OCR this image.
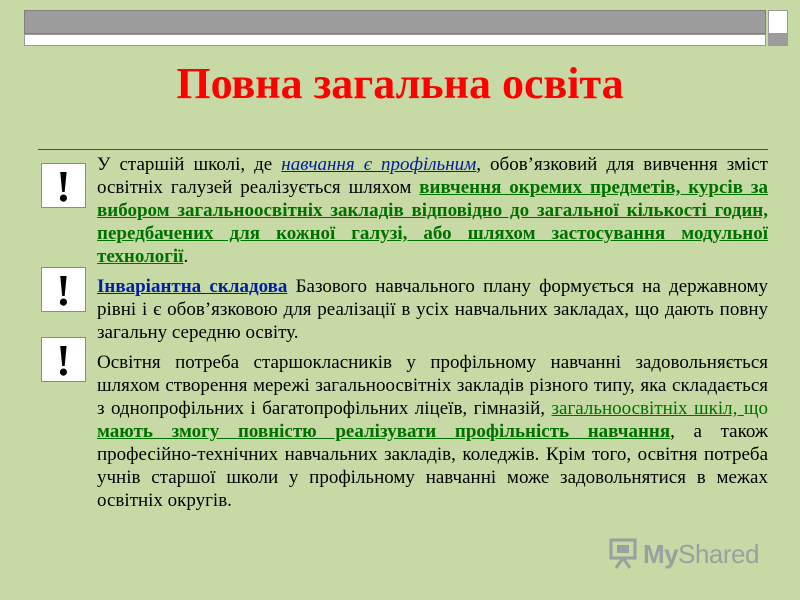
Повна загальна освіта
!
!
!

У старшій школі, де навчання є профільним, обов’язковий для вивчення зміст освітніх галузей реалізується шляхом вивчення окремих предметів, курсів за вибором загальноосвітніх закладів відповідно до загальної кількості годин, передбачених для кожної галузі, або шляхом застосування модульної технології.

Інваріантна складова Базового навчального плану формується на державному рівні і є обов’язковою для реалізації в усіх навчальних закладах, що дають повну загальну середню освіту.

Освітня потреба старшокласників у профільному навчанні задовольняється шляхом створення мережі загальноосвітніх закладів різного типу, яка складається з однопрофільних і багатопрофільних ліцеїв, гімназій, загальноосвітніх шкіл, що мають змогу повністю реалізувати профільність навчання, а також професійно-технічних навчальних закладів, коледжів. Крім того, освітня потреба учнів старшої школи у профільному навчанні може задовольнятися в межах освітніх округів.

MyShared
